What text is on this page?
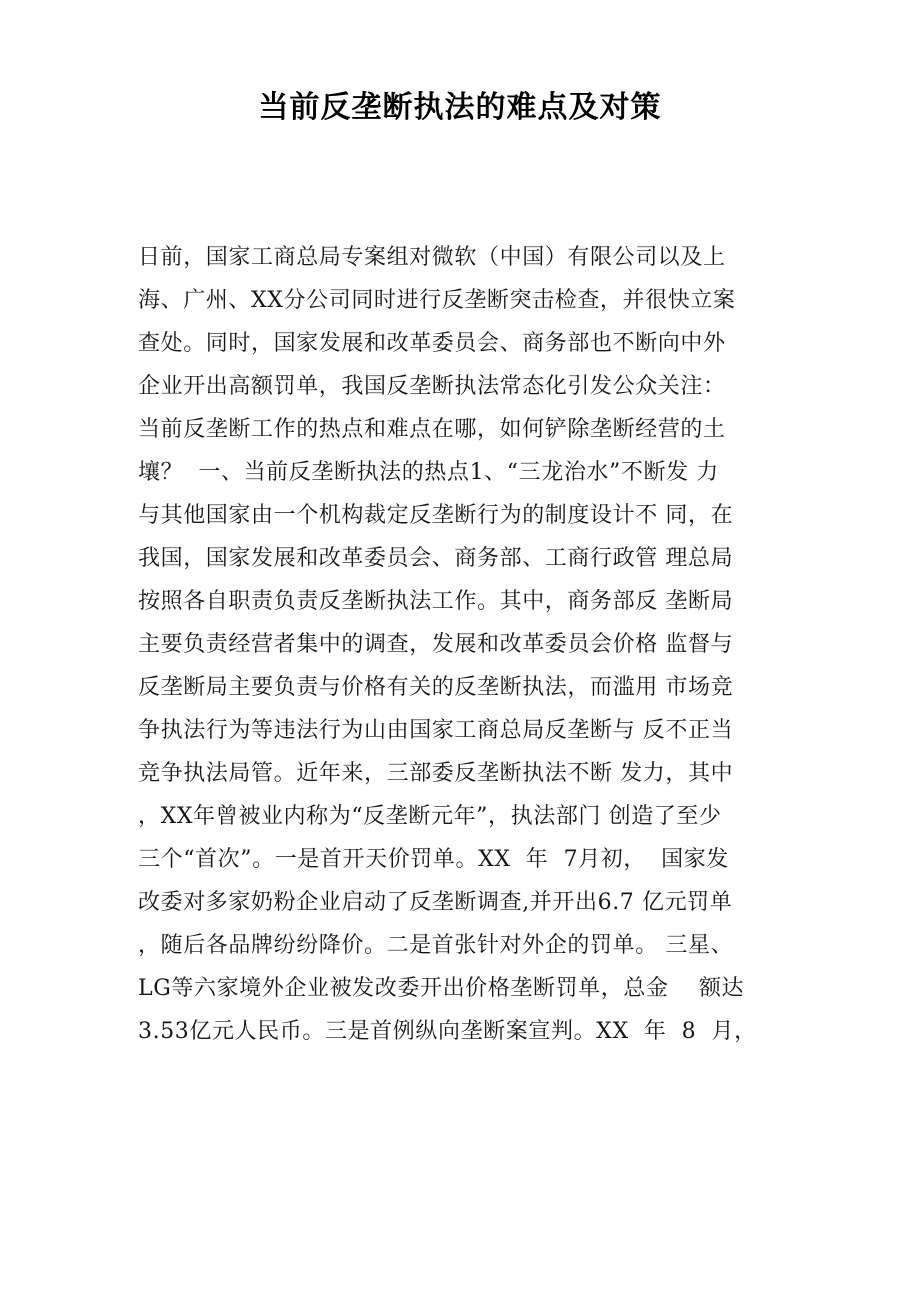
当前反垄断执法的难点及对策
日前，国家工商总局专案组对微软（中国）有限公司以及上
海、广州、XX分公司同时进行反垄断突击检查，并很快立案
查处。同时，国家发展和改革委员会、商务部也不断向中外
企业开出高额罚单，我国反垄断执法常态化引发公众关注：
当前反垄断工作的热点和难点在哪，如何铲除垄断经营的土
壤？  一、当前反垄断执法的热点1、“三龙治水”不断发 力
与其他国家由一个机构裁定反垄断行为的制度设计不 同，在
我国，国家发展和改革委员会、商务部、工商行政管 理总局
按照各自职责负责反垄断执法工作。其中，商务部反 垄断局
主要负责经营者集中的调查，发展和改革委员会价格 监督与
反垄断局主要负责与价格有关的反垄断执法，而滥用 市场竞
争执法行为等违法行为山由国家工商总局反垄断与 反不正当
竞争执法局管。近年来，三部委反垄断执法不断 发力，其中
，XX年曾被业内称为“反垄断元年”，执法部门 创造了至少
三个“首次”。一是首开天价罚单。XX  年  7月初，  国家发
改委对多家奶粉企业启动了反垄断调查,并开出6.7 亿元罚单
，随后各品牌纷纷降价。二是首张针对外企的罚单。 三星、
LG等六家境外企业被发改委开出价格垄断罚单，总金    额达
3.53亿元人民币。三是首例纵向垄断案宣判。XX  年  8  月，
